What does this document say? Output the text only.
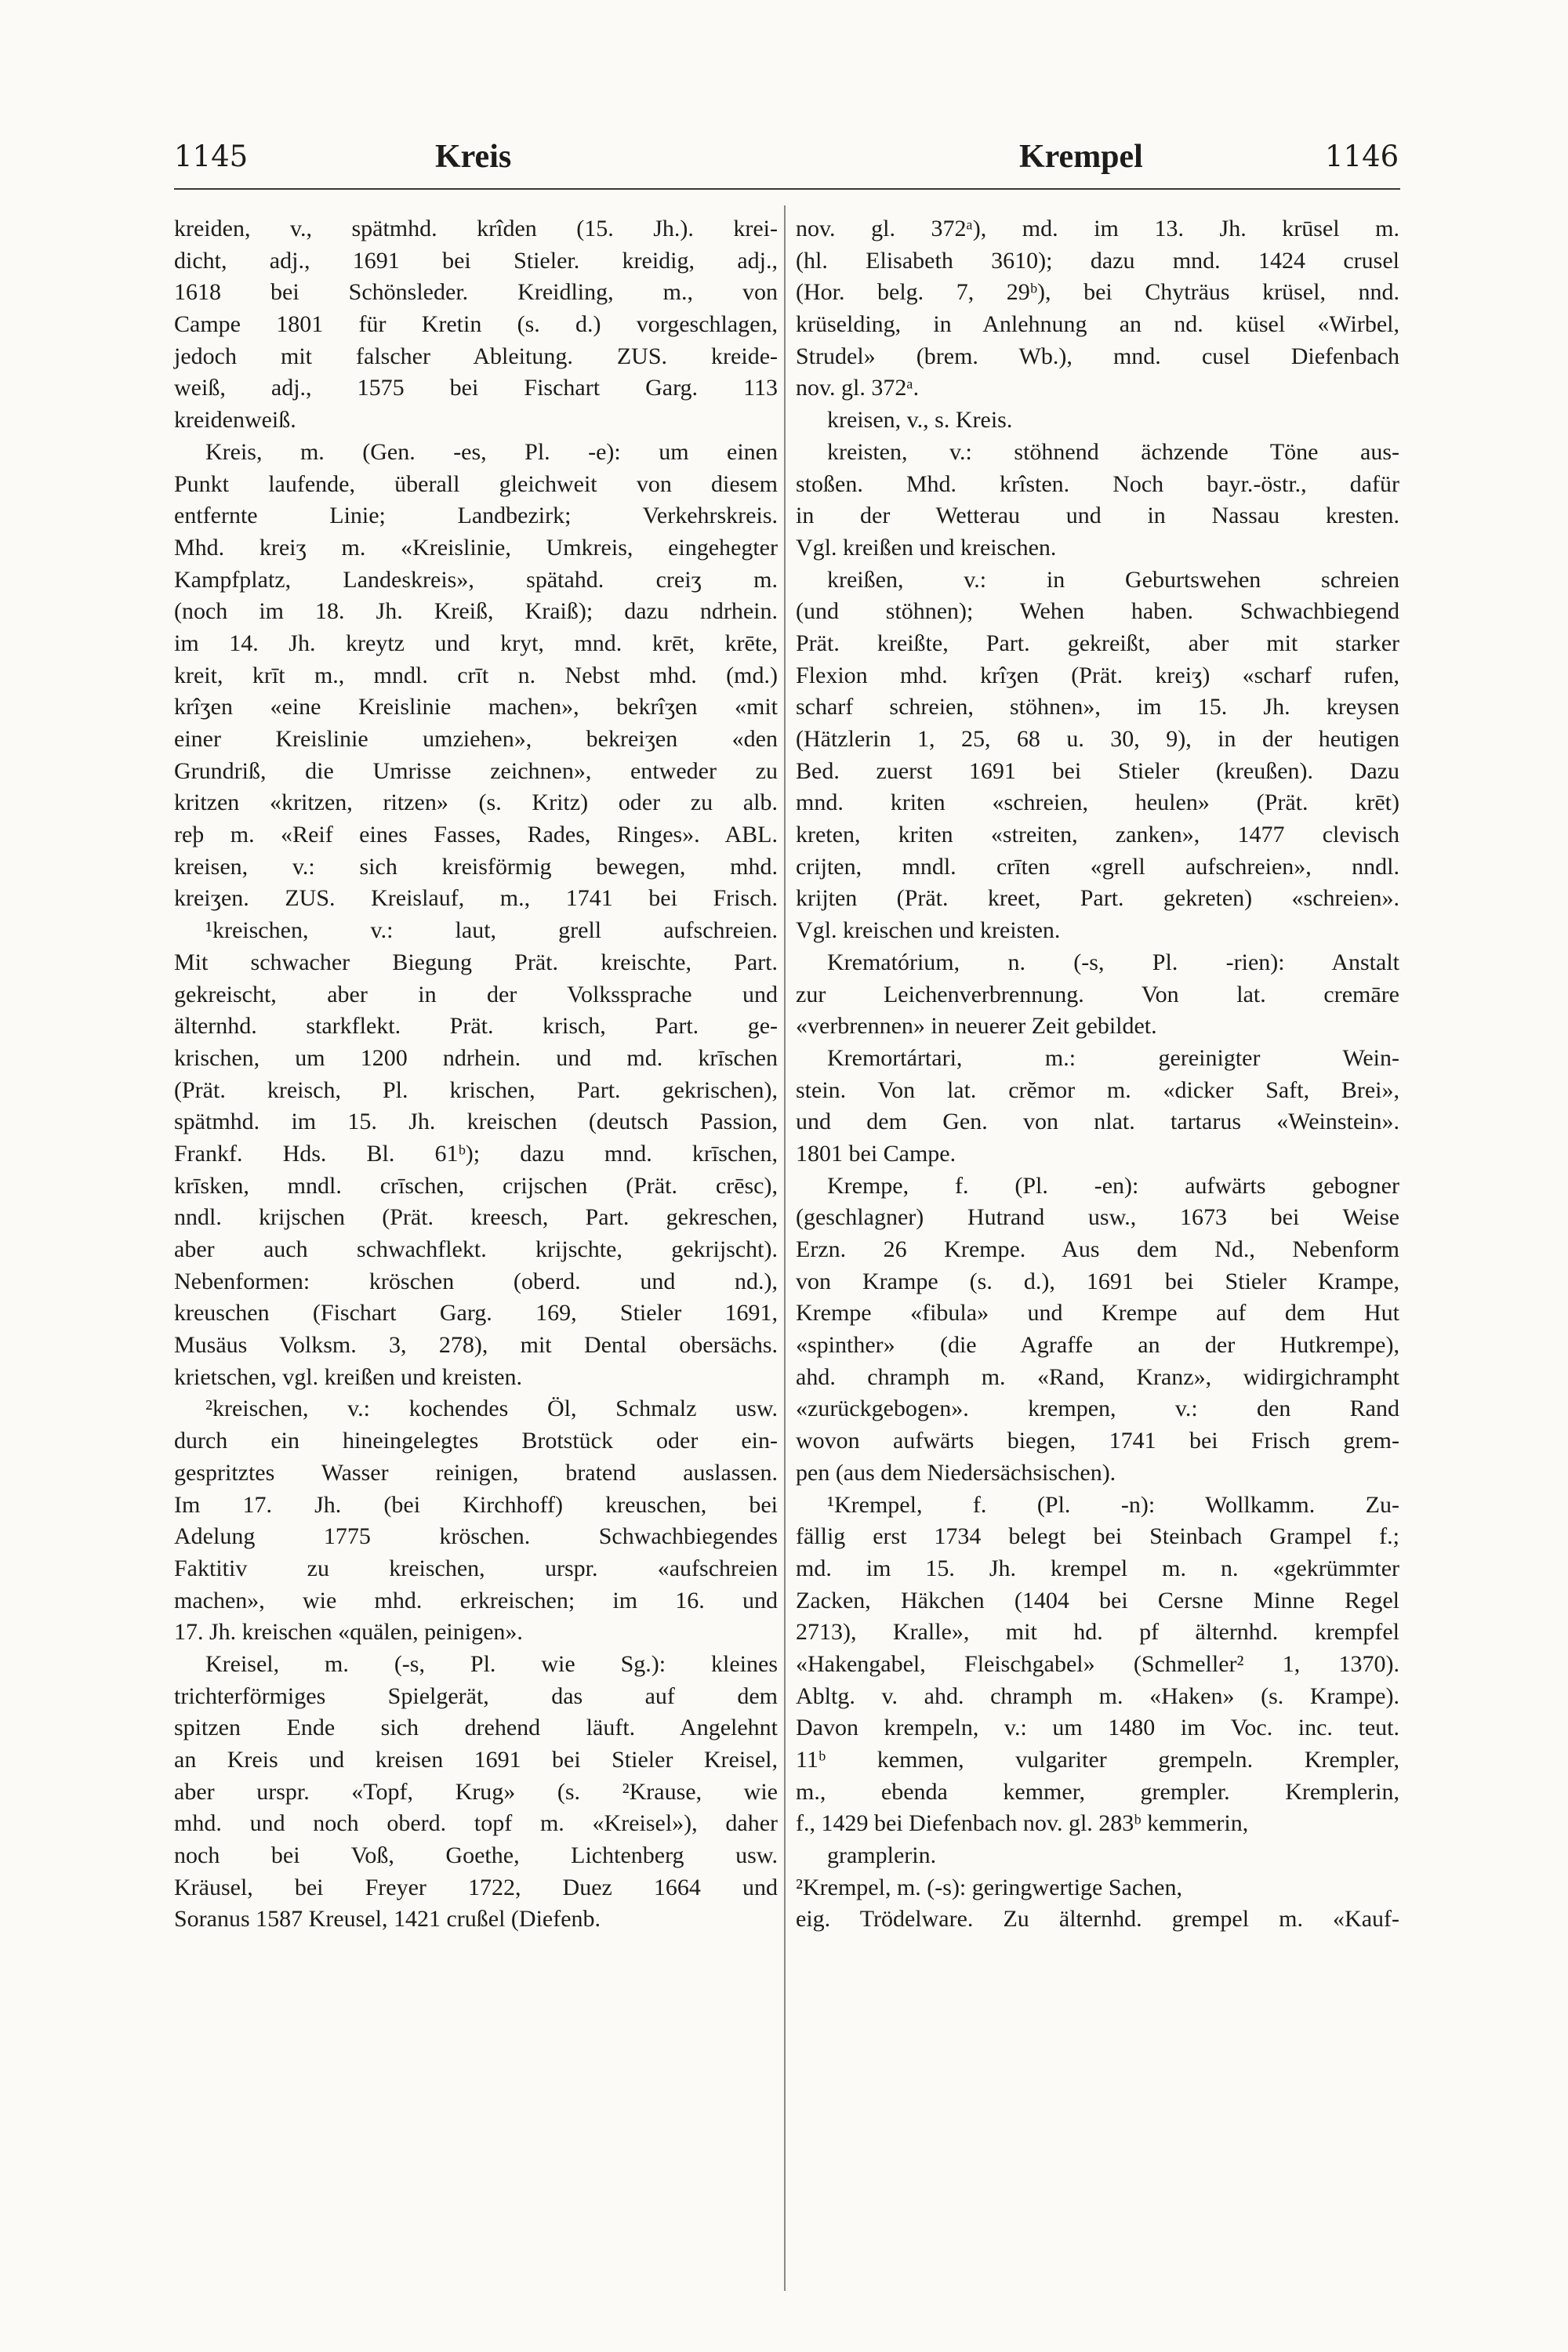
1145	Kreis	Krempel	1146
kreiden, v., spätmhd. krîden (15. Jh.). krei-
dicht, adj., 1691 bei Stieler. kreidig, adj.,
1618 bei Schönsleder. Kreidling, m., von
Campe 1801 für Kretin (s. d.) vorgeschlagen,
jedoch mit falscher Ableitung. ZUS. kreide-
weiß, adj., 1575 bei Fischart Garg. 113
kreidenweiß.
Kreis, m. (Gen. -es, Pl. -e): um einen
Punkt laufende, überall gleichweit von diesem
entfernte Linie; Landbezirk; Verkehrskreis.
Mhd. kreiʒ m. «Kreislinie, Umkreis, eingehegter
Kampfplatz, Landeskreis», spätahd. creiʒ m.
(noch im 18. Jh. Kreiß, Kraiß); dazu ndrhein.
im 14. Jh. kreytz und kryt, mnd. krēt, krēte,
kreit, krīt m., mndl. crīt n. Nebst mhd. (md.)
krîʒen «eine Kreislinie machen», bekrîʒen «mit
einer Kreislinie umziehen», bekreiʒen «den
Grundriß, die Umrisse zeichnen», entweder zu
kritzen «kritzen, ritzen» (s. Kritz) oder zu alb.
reþ m. «Reif eines Fasses, Rades, Ringes». ABL.
kreisen, v.: sich kreisförmig bewegen, mhd.
kreiʒen. ZUS. Kreislauf, m., 1741 bei Frisch.
¹kreischen, v.: laut, grell aufschreien.
Mit schwacher Biegung Prät. kreischte, Part.
gekreischt, aber in der Volkssprache und
älternhd. starkflekt. Prät. krisch, Part. ge-
krischen, um 1200 ndrhein. und md. krīschen
(Prät. kreisch, Pl. krischen, Part. gekrischen),
spätmhd. im 15. Jh. kreischen (deutsch Passion,
Frankf. Hds. Bl. 61ᵇ); dazu mnd. krīschen,
krīsken, mndl. crīschen, crijschen (Prät. crēsc),
nndl. krijschen (Prät. kreesch, Part. gekreschen,
aber auch schwachflekt. krijschte, gekrijscht).
Nebenformen: kröschen (oberd. und nd.),
kreuschen (Fischart Garg. 169, Stieler 1691,
Musäus Volksm. 3, 278), mit Dental obersächs.
krietschen, vgl. kreißen und kreisten.
²kreischen, v.: kochendes Öl, Schmalz usw.
durch ein hineingelegtes Brotstück oder ein-
gespritztes Wasser reinigen, bratend auslassen.
Im 17. Jh. (bei Kirchhoff) kreuschen, bei
Adelung 1775 kröschen. Schwachbiegendes
Faktitiv zu kreischen, urspr. «aufschreien
machen», wie mhd. erkreischen; im 16. und
17. Jh. kreischen «quälen, peinigen».
Kreisel, m. (-s, Pl. wie Sg.): kleines
trichterförmiges Spielgerät, das auf dem
spitzen Ende sich drehend läuft. Angelehnt
an Kreis und kreisen 1691 bei Stieler Kreisel,
aber urspr. «Topf, Krug» (s. ²Krause, wie
mhd. und noch oberd. topf m. «Kreisel»), daher
noch bei Voß, Goethe, Lichtenberg usw.
Kräusel, bei Freyer 1722, Duez 1664 und
Soranus 1587 Kreusel, 1421 crußel (Diefenb.
nov. gl. 372ᵃ), md. im 13. Jh. krūsel m.
(hl. Elisabeth 3610); dazu mnd. 1424 crusel
(Hor. belg. 7, 29ᵇ), bei Chyträus krüsel, nnd.
krüselding, in Anlehnung an nd. küsel «Wirbel,
Strudel» (brem. Wb.), mnd. cusel Diefenbach
nov. gl. 372ᵃ.
kreisen, v., s. Kreis.
kreisten, v.: stöhnend ächzende Töne aus-
stoßen. Mhd. krîsten. Noch bayr.-östr., dafür
in der Wetterau und in Nassau kresten.
Vgl. kreißen und kreischen.
kreißen, v.: in Geburtswehen schreien
(und stöhnen); Wehen haben. Schwachbiegend
Prät. kreißte, Part. gekreißt, aber mit starker
Flexion mhd. krîʒen (Prät. kreiʒ) «scharf rufen,
scharf schreien, stöhnen», im 15. Jh. kreysen
(Hätzlerin 1, 25, 68 u. 30, 9), in der heutigen
Bed. zuerst 1691 bei Stieler (kreußen). Dazu
mnd. kriten «schreien, heulen» (Prät. krēt)
kreten, kriten «streiten, zanken», 1477 clevisch
crijten, mndl. crīten «grell aufschreien», nndl.
krijten (Prät. kreet, Part. gekreten) «schreien».
Vgl. kreischen und kreisten.
Krematórium, n. (-s, Pl. -rien): Anstalt
zur Leichenverbrennung. Von lat. cremāre
«verbrennen» in neuerer Zeit gebildet.
Kremortártari, m.: gereinigter Wein-
stein. Von lat. crĕmor m. «dicker Saft, Brei»,
und dem Gen. von nlat. tartarus «Weinstein».
1801 bei Campe.
Krempe, f. (Pl. -en): aufwärts gebogner
(geschlagner) Hutrand usw., 1673 bei Weise
Erzn. 26 Krempe. Aus dem Nd., Nebenform
von Krampe (s. d.), 1691 bei Stieler Krampe,
Krempe «fibula» und Krempe auf dem Hut
«spinther» (die Agraffe an der Hutkrempe),
ahd. chramph m. «Rand, Kranz», widirgichrampht
«zurückgebogen». krempen, v.: den Rand
wovon aufwärts biegen, 1741 bei Frisch grem-
pen (aus dem Niedersächsischen).
¹Krempel, f. (Pl. -n): Wollkamm. Zu-
fällig erst 1734 belegt bei Steinbach Grampel f.;
md. im 15. Jh. krempel m. n. «gekrümmter
Zacken, Häkchen (1404 bei Cersne Minne Regel
2713), Kralle», mit hd. pf älternhd. krempfel
«Hakengabel, Fleischgabel» (Schmeller² 1, 1370).
Abltg. v. ahd. chramph m. «Haken» (s. Krampe).
Davon krempeln, v.: um 1480 im Voc. inc. teut.
11ᵇ kemmen, vulgariter grempeln. Krempler,
m., ebenda kemmer, grempler. Kremplerin,
f., 1429 bei Diefenbach nov. gl. 283ᵇ kemmerin,
gramplerin.
²Krempel, m. (-s): geringwertige Sachen,
eig. Trödelware. Zu älternhd. grempel m. «Kauf-
